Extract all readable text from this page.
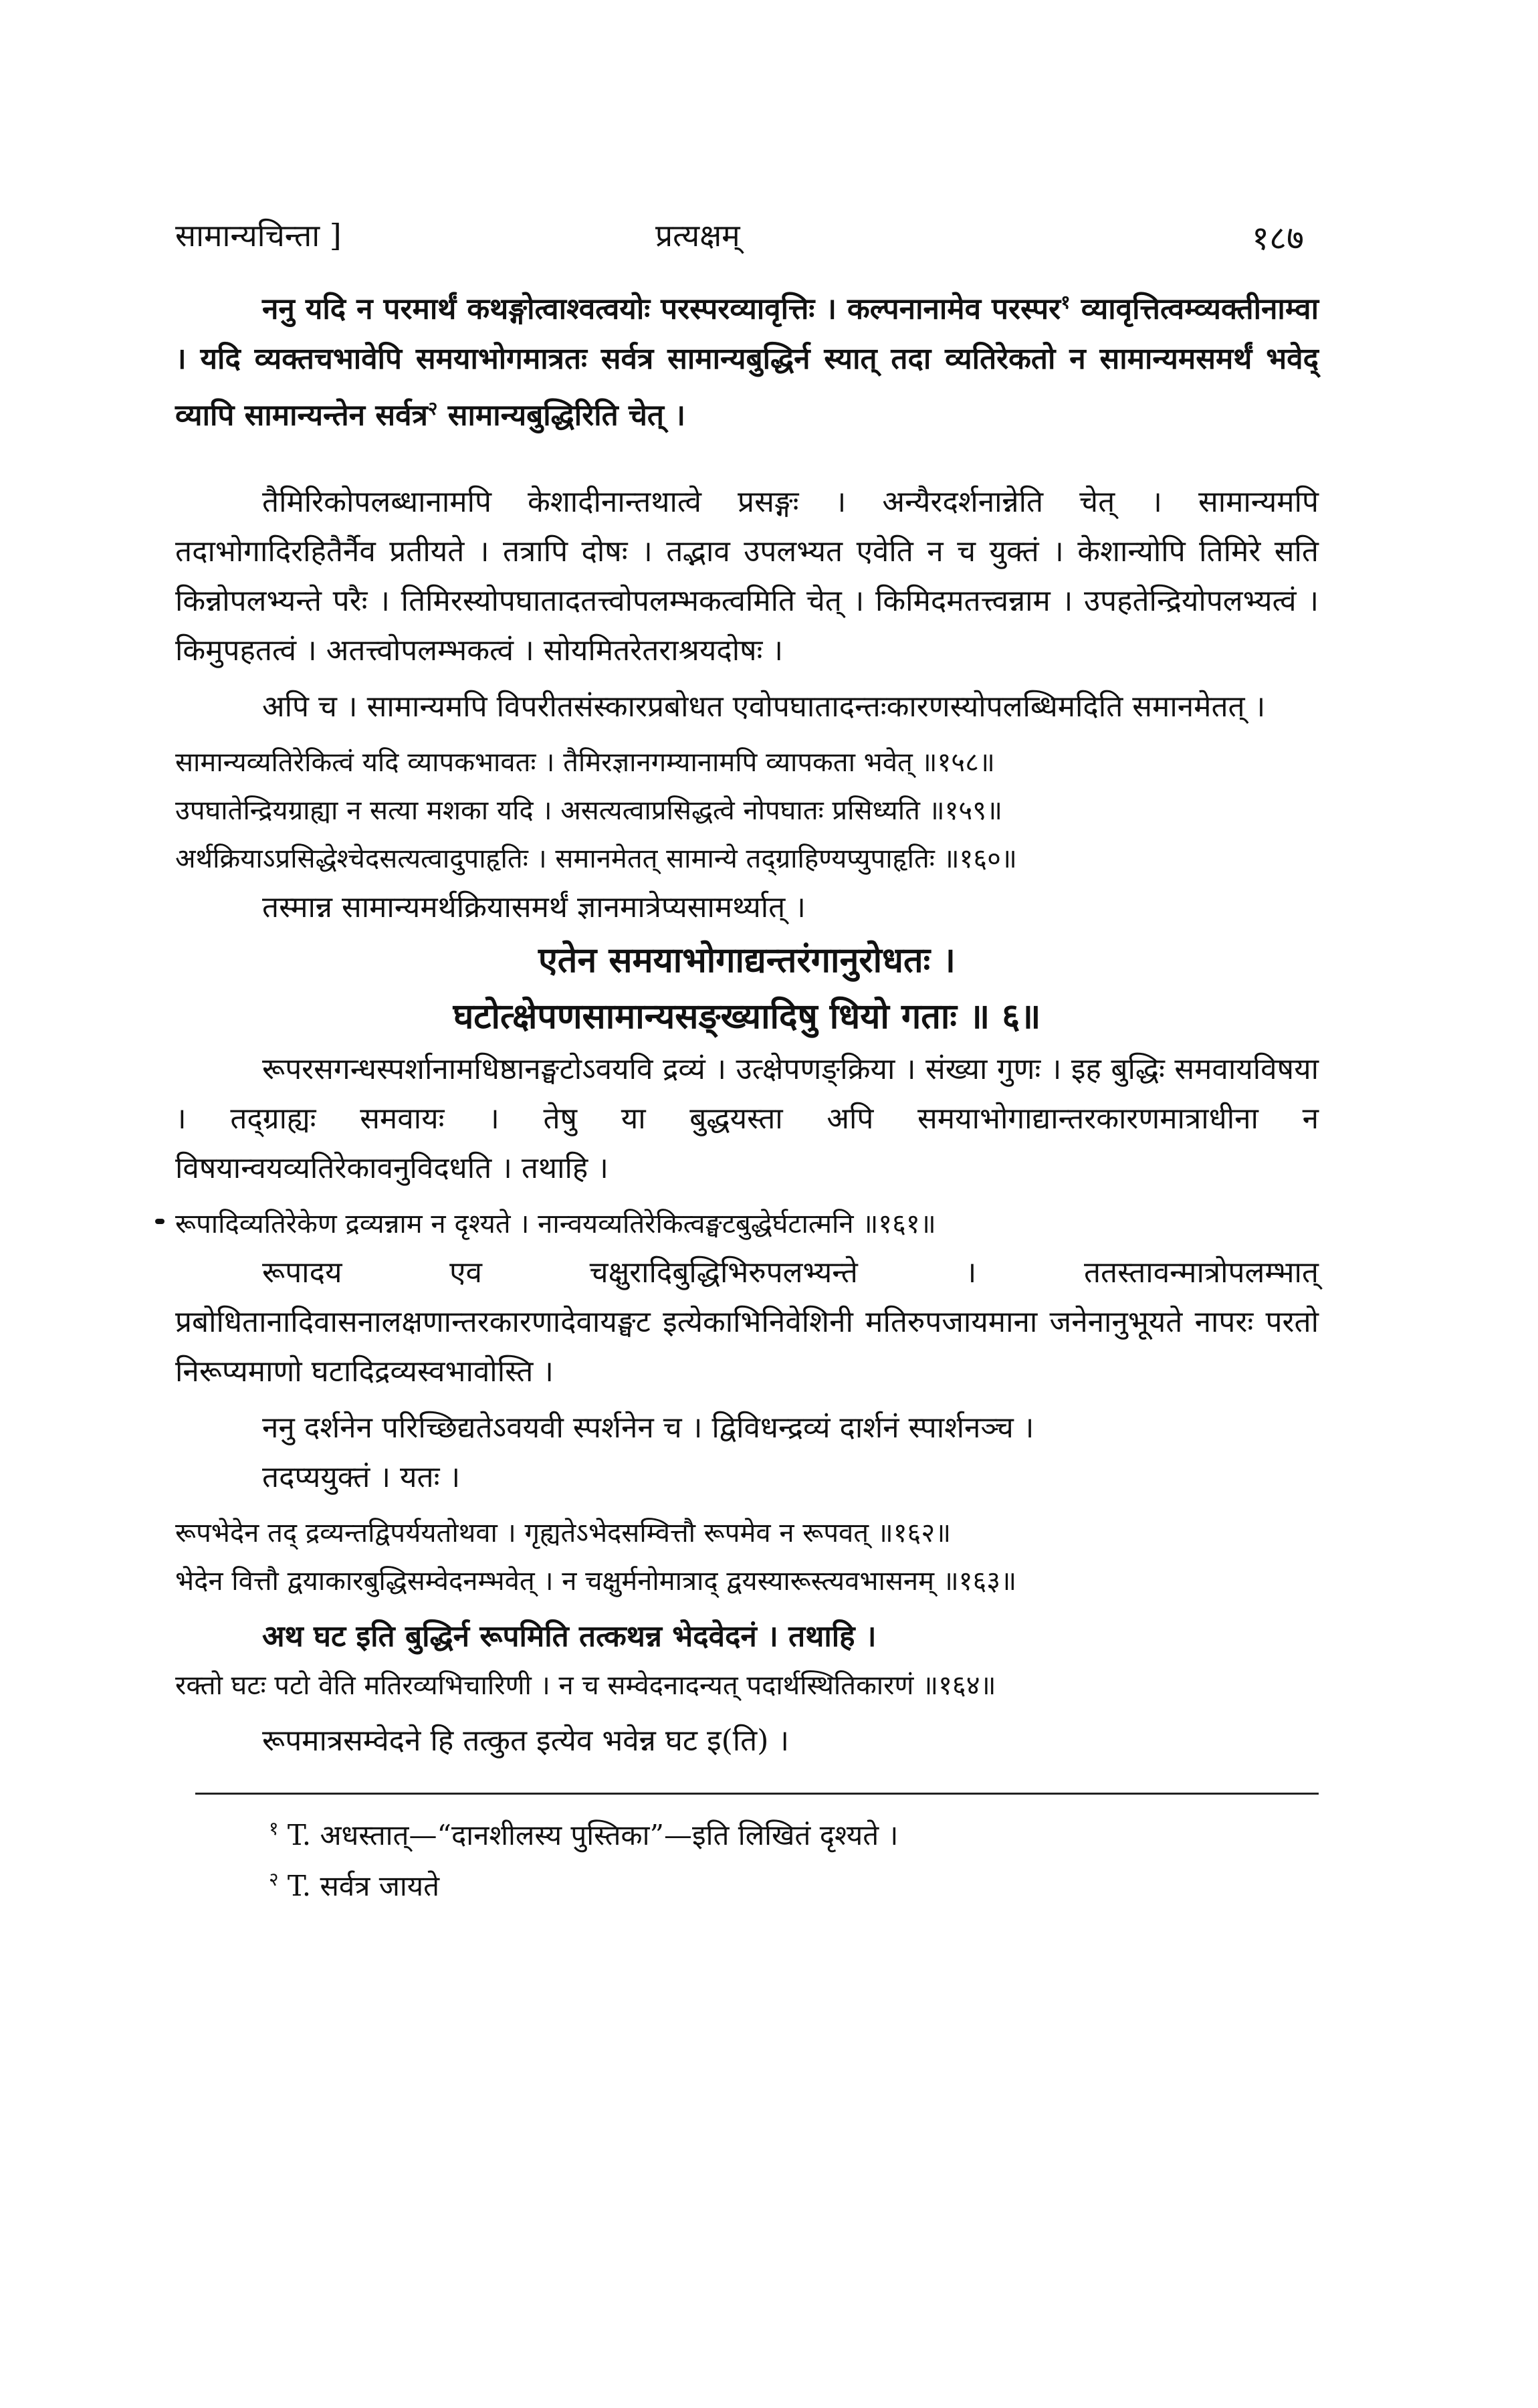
सामान्यचिन्ता ]	प्रत्यक्षम्	१८७

ननु यदि न परमार्थं कथङ्गोत्वाश्वत्वयोः परस्परव्यावृत्तिः । कल्पनानामेव परस्पर$^१$ व्यावृत्तित्वम्व्यक्तीनाम्वा । यदि व्यक्तचभावेपि समयाभोगमात्रतः सर्वत्र सामान्यबुद्धिर्न स्यात् तदा व्यतिरेकतो न सामान्यमसमर्थं भवेद् व्यापि सामान्यन्तेन सर्वत्र$^२$ सामान्यबुद्धिरिति चेत् ।

तैमिरिकोपलब्धानामपि केशादीनान्तथात्वे प्रसङ्गः । अन्यैरदर्शनान्नेति चेत् । सामान्यमपि तदाभोगादिरहितैर्नैव प्रतीयते । तत्रापि दोषः । तद्भाव उपलभ्यत एवेति न च युक्तं । केशान्योपि तिमिरे सति किन्नोपलभ्यन्ते परैः । तिमिरस्योपघातादतत्त्वोपलम्भकत्वमिति चेत् । किमिदमतत्त्वन्नाम । उपहतेन्द्रियोपलभ्यत्वं । किमुपहतत्वं । अतत्त्वोपलम्भकत्वं । सोयमितरेतराश्रयदोषः ।

अपि च । सामान्यमपि विपरीतसंस्कारप्रबोधत एवोपघातादन्तःकारणस्योपलब्धिमदिति समानमेतत् ।

सामान्यव्यतिरेकित्वं यदि व्यापकभावतः । तैमिरज्ञानगम्यानामपि व्यापकता भवेत् ॥१५८॥

उपघातेन्द्रियग्राह्या न सत्या मशका यदि । असत्यत्वाप्रसिद्धत्वे नोपघातः प्रसिध्यति ॥१५९॥

अर्थक्रियाऽप्रसिद्धेश्चेदसत्यत्वादुपाहृतिः । समानमेतत् सामान्ये तद्ग्राहिण्यप्युपाहृतिः ॥१६०॥

तस्मान्न सामान्यमर्थक्रियासमर्थं ज्ञानमात्रेप्यसामर्थ्यात् ।

एतेन समयाभोगाद्यन्तरंगानुरोधतः ।

घटोत्क्षेपणसामान्यसङ्ख्यादिषु धियो गताः ॥ ६॥

रूपरसगन्धस्पर्शानामधिष्ठानङ्घटोऽवयवि द्रव्यं । उत्क्षेपणङ्क्रिया । संख्या गुणः । इह बुद्धिः समवायविषया । तद्ग्राह्यः समवायः । तेषु या बुद्धयस्ता अपि समयाभोगाद्यान्तरकारणमात्राधीना न विषयान्वयव्यतिरेकावनुविदधति । तथाहि ।

रूपादिव्यतिरेकेण द्रव्यन्नाम न दृश्यते । नान्वयव्यतिरेकित्वङ्घटबुद्धेर्घटात्मनि ॥१६१॥

रूपादय एव चक्षुरादिबुद्धिभिरुपलभ्यन्ते । ततस्तावन्मात्रोपलम्भात् प्रबोधितानादिवासनालक्षणान्तरकारणादेवायङ्घट इत्येकाभिनिवेशिनी मतिरुपजायमाना जनेनानुभूयते नापरः परतो निरूप्यमाणो घटादिद्रव्यस्वभावोस्ति ।

ननु दर्शनेन परिच्छिद्यतेऽवयवी स्पर्शनेन च । द्विविधन्द्रव्यं दार्शनं स्पार्शनञ्च ।

तदप्ययुक्तं । यतः ।

रूपभेदेन तद् द्रव्यन्तद्विपर्ययतोथवा । गृह्यतेऽभेदसम्वित्तौ रूपमेव न रूपवत् ॥१६२॥

भेदेन वित्तौ द्वयाकारबुद्धिसम्वेदनम्भवेत् । न चक्षुर्मनोमात्राद् द्वयस्यारूस्त्यवभासनम् ॥१६३॥

अथ घट इति बुद्धिर्न रूपमिति तत्कथन्न भेदवेदनं । तथाहि ।

रक्तो घटः पटो वेति मतिरव्यभिचारिणी । न च सम्वेदनादन्यत् पदार्थस्थितिकारणं ॥१६४॥

रूपमात्रसम्वेदने हि तत्कुत इत्येव भवेन्न घट इ(ति) ।

$^१$ T. अधस्तात्—“दानशीलस्य पुस्तिका”—इति लिखितं दृश्यते ।

$^२$ T. सर्वत्र जायते
